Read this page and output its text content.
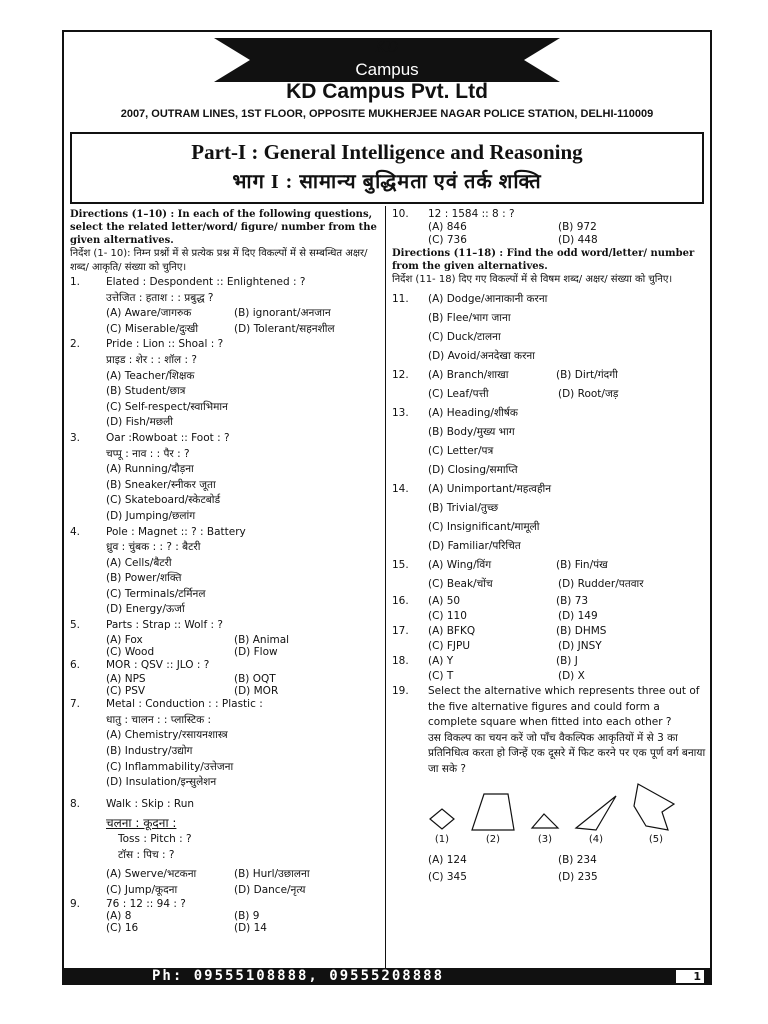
KD
Campus
KD Campus Pvt. Ltd
2007, OUTRAM LINES, 1ST FLOOR, OPPOSITE MUKHERJEE NAGAR POLICE STATION, DELHI-110009
Part-I : General Intelligence and Reasoning
भाग I : सामान्य बुद्धिमता एवं तर्क शक्ति
Directions (1–10) : In each of the following questions, select the related letter/word/ figure/ number from the given alternatives.
निर्देश (1- 10): निम्न प्रश्नों में से प्रत्येक प्रश्न में दिए विकल्पों में से सम्बन्धित अक्षर/ शब्द/ आकृति/ संख्या को चुनिए।
1.	Elated : Despondent :: Enlightened : ?
उत्तेजित : हताश : : प्रबुद्ध ?
(A) Aware/जागरुक	(B) ignorant/अनजान
(C) Miserable/दुःखी	(D) Tolerant/सहनशील
2.	Pride : Lion :: Shoal : ?
प्राइड : शेर : : शॉल : ?
(A) Teacher/शिक्षक
(B) Student/छात्र
(C) Self-respect/स्वाभिमान
(D) Fish/मछली
3.	Oar :Rowboat :: Foot : ?
चप्पू : नाव : : पैर : ?
(A) Running/दौड़ना
(B) Sneaker/स्नीकर जूता
(C) Skateboard/स्केटबोर्ड
(D) Jumping/छलांग
4.	Pole : Magnet :: ? : Battery
ध्रुव : चुंबक : : ? : बैटरी
(A) Cells/बैटरी
(B) Power/शक्ति
(C) Terminals/टर्मिनल
(D) Energy/ऊर्जा
5.	Parts : Strap :: Wolf : ?
(A) Fox	(B) Animal
(C) Wood	(D) Flow
6.	MOR : QSV :: JLO : ?
(A) NPS	(B) OQT
(C) PSV	(D) MOR
7.	Metal : Conduction : : Plastic :
धातु : चालन : : प्लास्टिक :
(A) Chemistry/रसायनशास्त्र
(B) Industry/उद्योग
(C) Inflammability/उत्तेजना
(D) Insulation/इन्सुलेशन
8.	Walk : Skip : Run
चलना : कूदना :
Toss : Pitch : ?
टॉस : पिच : ?
(A) Swerve/भटकना	(B) Hurl/उछालना
(C) Jump/कूदना	(D) Dance/नृत्य
9.	76 : 12 :: 94 : ?
(A) 8	(B) 9
(C) 16	(D) 14
10.	12 : 1584 :: 8 : ?
(A) 846	(B) 972
(C) 736	(D) 448
Directions (11–18) : Find the odd word/letter/ number from the given alternatives.
निर्देश (11- 18) दिए गए विकल्पों में से विषम शब्द/ अक्षर/ संख्या को चुनिए।
11.	(A) Dodge/आनाकानी करना
(B) Flee/भाग जाना
(C) Duck/टालना
(D) Avoid/अनदेखा करना
12.	(A) Branch/शाखा	(B) Dirt/गंदगी
(C) Leaf/पत्ती	(D) Root/जड़
13.	(A) Heading/शीर्षक
(B) Body/मुख्य भाग
(C) Letter/पत्र
(D) Closing/समाप्ति
14.	(A) Unimportant/महत्वहीन
(B) Trivial/तुच्छ
(C) Insignificant/मामूली
(D) Familiar/परिचित
15.	(A) Wing/विंग	(B) Fin/पंख
(C) Beak/चोंच	(D) Rudder/पतवार
16.	(A) 50	(B) 73
(C) 110	(D) 149
17.	(A) BFKQ	(B) DHMS
(C) FJPU	(D) JNSY
18.	(A) Y	(B) J
(C) T	(D) X
19.	Select the alternative which represents three out of the five alternative figures and could form a complete square when fitted into each other ?
उस विकल्प का चयन करें जो पाँच वैकल्पिक आकृतियों में से 3 का प्रतिनिधित्व करता हो जिन्हें एक दूसरे में फिट करने पर एक पूर्ण वर्ग बनाया जा सके ?
(1)	(2)	(3)	(4)	(5)
(A) 124	(B) 234
(C) 345	(D) 235
Ph: 09555108888, 09555208888	1
